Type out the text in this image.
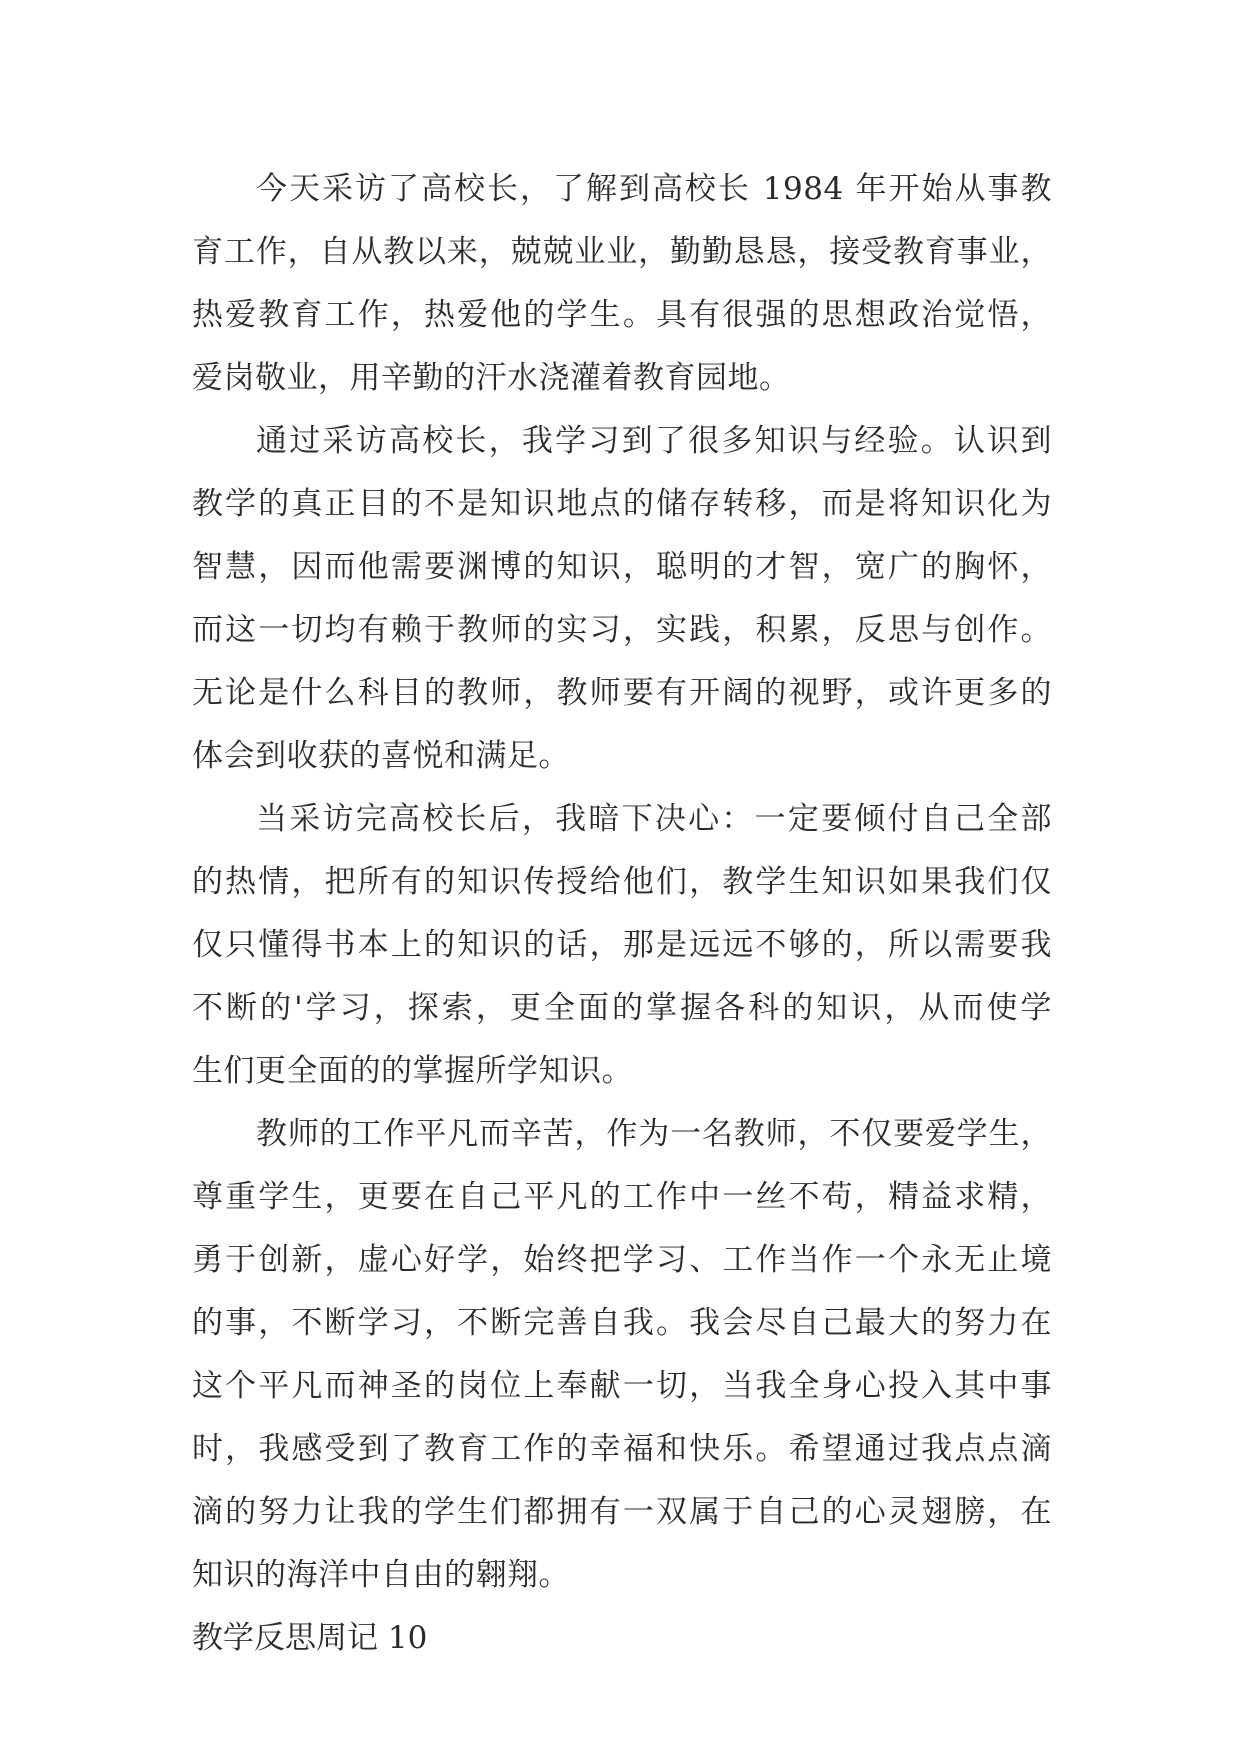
今天采访了高校长，了解到高校长 1984 年开始从事教
育工作，自从教以来，兢兢业业，勤勤恳恳，接受教育事业，
热爱教育工作，热爱他的学生。具有很强的思想政治觉悟，
爱岗敬业，用辛勤的汗水浇灌着教育园地。
通过采访高校长，我学习到了很多知识与经验。认识到
教学的真正目的不是知识地点的储存转移，而是将知识化为
智慧，因而他需要渊博的知识，聪明的才智，宽广的胸怀，
而这一切均有赖于教师的实习，实践，积累，反思与创作。
无论是什么科目的教师，教师要有开阔的视野，或许更多的
体会到收获的喜悦和满足。
当采访完高校长后，我暗下决心：一定要倾付自己全部
的热情，把所有的知识传授给他们，教学生知识如果我们仅
仅只懂得书本上的知识的话，那是远远不够的，所以需要我
不断的'学习，探索，更全面的掌握各科的知识，从而使学
生们更全面的的掌握所学知识。
教师的工作平凡而辛苦，作为一名教师，不仅要爱学生，
尊重学生，更要在自己平凡的工作中一丝不苟，精益求精，
勇于创新，虚心好学，始终把学习、工作当作一个永无止境
的事，不断学习，不断完善自我。我会尽自己最大的努力在
这个平凡而神圣的岗位上奉献一切，当我全身心投入其中事
时，我感受到了教育工作的幸福和快乐。希望通过我点点滴
滴的努力让我的学生们都拥有一双属于自己的心灵翅膀，在
知识的海洋中自由的翱翔。
教学反思周记 10
